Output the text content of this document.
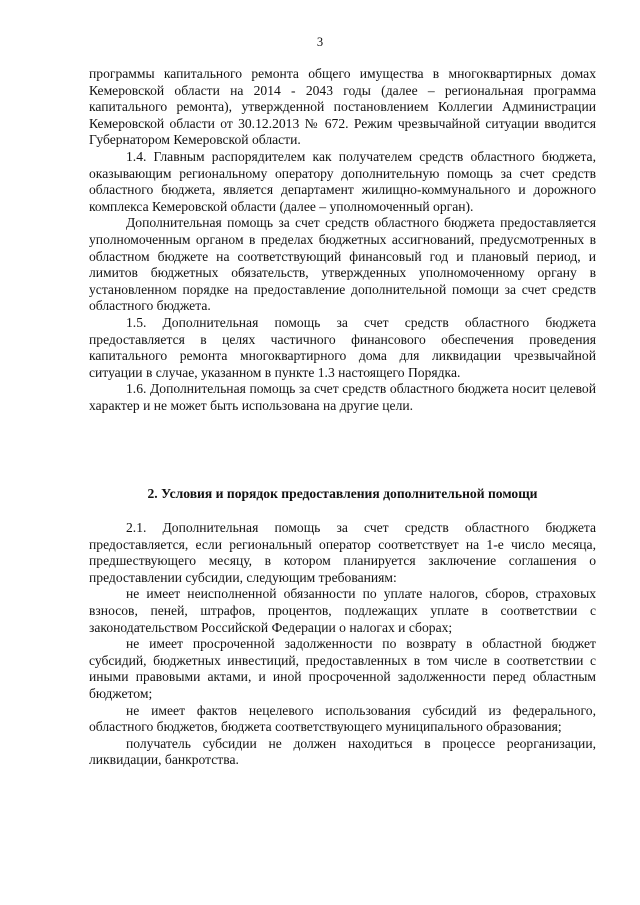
3

программы капитального ремонта общего имущества в многоквартирных домах Кемеровской области на 2014 - 2043 годы (далее – региональная программа капитального ремонта), утвержденной постановлением Коллегии Администрации Кемеровской области от 30.12.2013 № 672. Режим чрезвычайной ситуации вводится Губернатором Кемеровской области.

1.4. Главным распорядителем как получателем средств областного бюджета, оказывающим региональному оператору дополнительную помощь за счет средств областного бюджета, является департамент жилищно-коммунального и дорожного комплекса Кемеровской области (далее – уполномоченный орган).

Дополнительная помощь за счет средств областного бюджета предоставляется уполномоченным органом в пределах бюджетных ассигнований, предусмотренных в областном бюджете на соответствующий финансовый год и плановый период, и лимитов бюджетных обязательств, утвержденных уполномоченному органу в установленном порядке на предоставление дополнительной помощи за счет средств областного бюджета.

1.5. Дополнительная помощь за счет средств областного бюджета предоставляется в целях частичного финансового обеспечения проведения капитального ремонта многоквартирного дома для ликвидации чрезвычайной ситуации в случае, указанном в пункте 1.3 настоящего Порядка.

1.6. Дополнительная помощь за счет средств областного бюджета носит целевой характер и не может быть использована на другие цели.

2. Условия и порядок предоставления дополнительной помощи

2.1. Дополнительная помощь за счет средств областного бюджета предоставляется, если региональный оператор соответствует на 1-е число месяца, предшествующего месяцу, в котором планируется заключение соглашения о предоставлении субсидии, следующим требованиям:

не имеет неисполненной обязанности по уплате налогов, сборов, страховых взносов, пеней, штрафов, процентов, подлежащих уплате в соответствии с законодательством Российской Федерации о налогах и сборах;

не имеет просроченной задолженности по возврату в областной бюджет субсидий, бюджетных инвестиций, предоставленных в том числе в соответствии с иными правовыми актами, и иной просроченной задолженности перед областным бюджетом;

не имеет фактов нецелевого использования субсидий из федерального, областного бюджетов, бюджета соответствующего муниципального образования;

получатель субсидии не должен находиться в процессе реорганизации, ликвидации, банкротства.
